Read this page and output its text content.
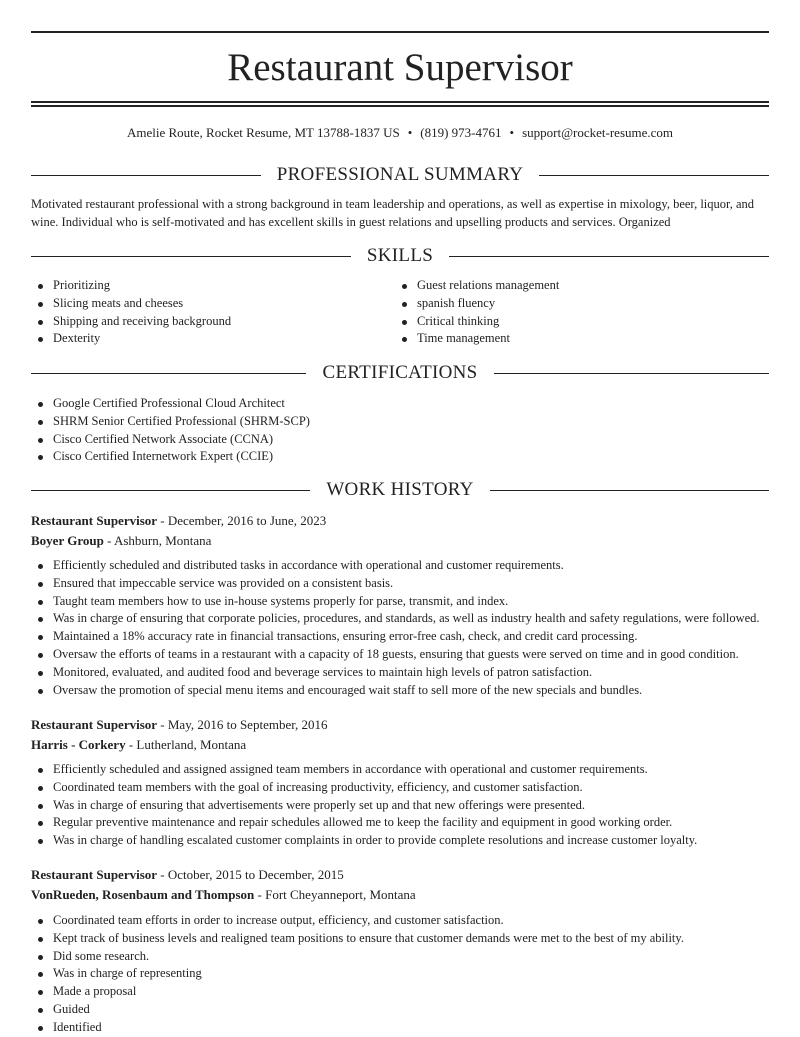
Restaurant Supervisor
Amelie Route, Rocket Resume, MT 13788-1837 US • (819) 973-4761 • support@rocket-resume.com
PROFESSIONAL SUMMARY
Motivated restaurant professional with a strong background in team leadership and operations, as well as expertise in mixology, beer, liquor, and wine. Individual who is self-motivated and has excellent skills in guest relations and upselling products and services. Organized
SKILLS
Prioritizing
Slicing meats and cheeses
Shipping and receiving background
Dexterity
Guest relations management
spanish fluency
Critical thinking
Time management
CERTIFICATIONS
Google Certified Professional Cloud Architect
SHRM Senior Certified Professional (SHRM-SCP)
Cisco Certified Network Associate (CCNA)
Cisco Certified Internetwork Expert (CCIE)
WORK HISTORY
Restaurant Supervisor - December, 2016 to June, 2023
Boyer Group - Ashburn, Montana
Efficiently scheduled and distributed tasks in accordance with operational and customer requirements.
Ensured that impeccable service was provided on a consistent basis.
Taught team members how to use in-house systems properly for parse, transmit, and index.
Was in charge of ensuring that corporate policies, procedures, and standards, as well as industry health and safety regulations, were followed.
Maintained a 18% accuracy rate in financial transactions, ensuring error-free cash, check, and credit card processing.
Oversaw the efforts of teams in a restaurant with a capacity of 18 guests, ensuring that guests were served on time and in good condition.
Monitored, evaluated, and audited food and beverage services to maintain high levels of patron satisfaction.
Oversaw the promotion of special menu items and encouraged wait staff to sell more of the new specials and bundles.
Restaurant Supervisor - May, 2016 to September, 2016
Harris - Corkery - Lutherland, Montana
Efficiently scheduled and assigned assigned team members in accordance with operational and customer requirements.
Coordinated team members with the goal of increasing productivity, efficiency, and customer satisfaction.
Was in charge of ensuring that advertisements were properly set up and that new offerings were presented.
Regular preventive maintenance and repair schedules allowed me to keep the facility and equipment in good working order.
Was in charge of handling escalated customer complaints in order to provide complete resolutions and increase customer loyalty.
Restaurant Supervisor - October, 2015 to December, 2015
VonRueden, Rosenbaum and Thompson - Fort Cheyanneport, Montana
Coordinated team efforts in order to increase output, efficiency, and customer satisfaction.
Kept track of business levels and realigned team positions to ensure that customer demands were met to the best of my ability.
Did some research.
Was in charge of representing
Made a proposal
Guided
Identified
